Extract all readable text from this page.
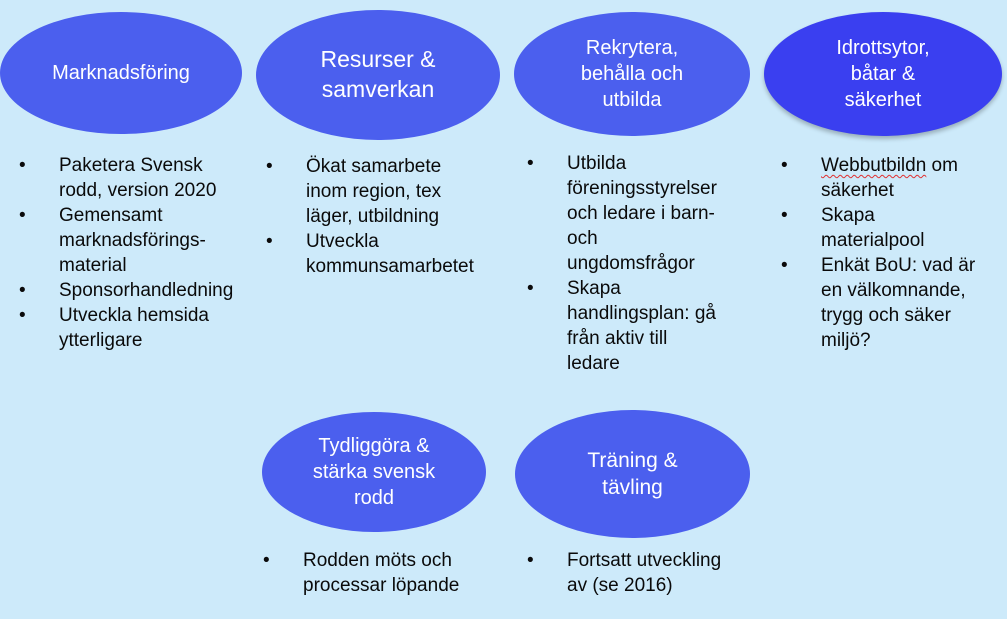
Marknadsföring
Resurser &
samverkan
Rekrytera,
behålla och
utbilda
Idrottsytor,
båtar &
säkerhet
• Paketera Svensk
rodd, version 2020
• Gemensamt
marknadsförings-
material
• Sponsorhandledning
• Utveckla hemsida
ytterligare
• Ökat samarbete
inom region, tex
läger, utbildning
• Utveckla
kommunsamarbetet
• Utbilda
föreningsstyrelser
och ledare i barn-
och
ungdomsfrågor
• Skapa
handlingsplan: gå
från aktiv till
ledare
• Webbutbildn om
säkerhet
• Skapa
materialpool
• Enkät BoU: vad är
en välkomnande,
trygg och säker
miljö?
Tydliggöra &
stärka svensk
rodd
Träning &
tävling
• Rodden möts och
processar löpande
• Fortsatt utveckling
av (se 2016)
